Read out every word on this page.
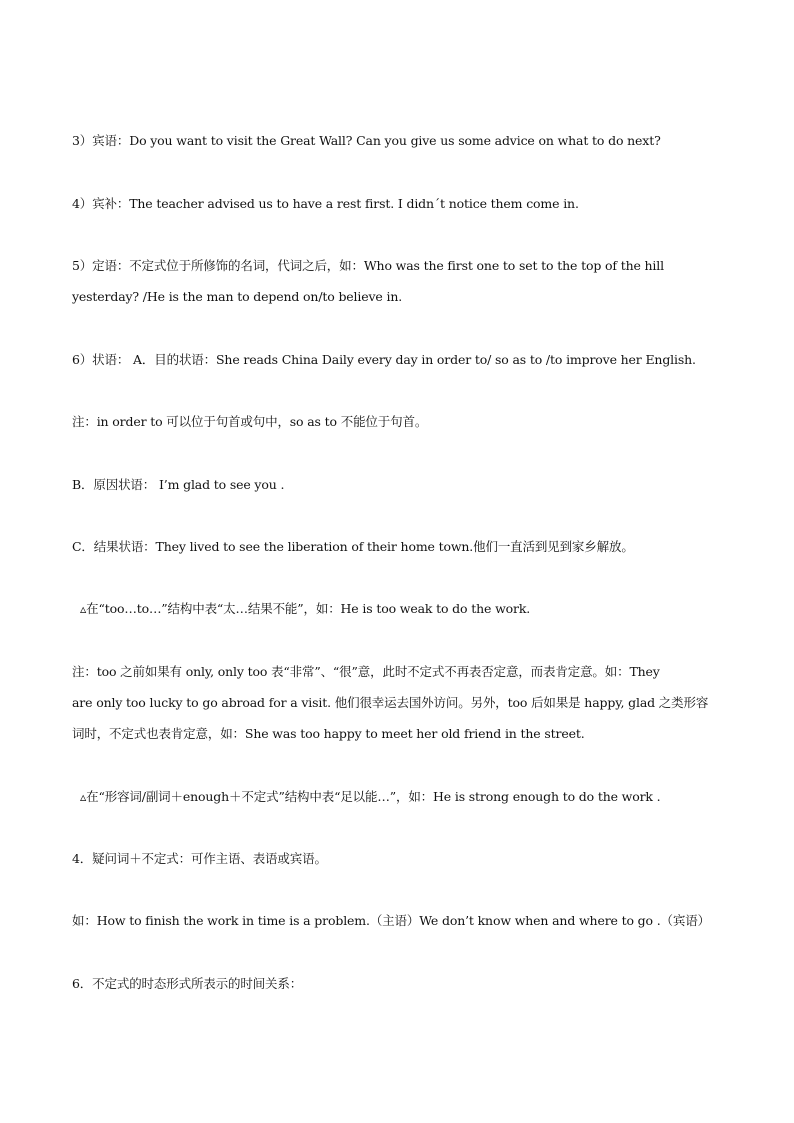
3）宾语：Do you want to visit the Great Wall? Can you give us some advice on what to do next?
4）宾补：The teacher advised us to have a rest first. I didn´t notice them come in.
5）定语：不定式位于所修饰的名词，代词之后，如：Who was the first one to set to the top of the hill
yesterday? /He is the man to depend on/to believe in.
6）状语： A．目的状语：She reads China Daily every day in order to/ so as to /to improve her English.
注：in order to 可以位于句首或句中，so as to 不能位于句首。
B．原因状语： I’m glad to see you .
C．结果状语：They lived to see the liberation of their home town.他们一直活到见到家乡解放。
▵在“too…to…”结构中表“太…结果不能”，如：He is too weak to do the work.
注：too 之前如果有 only, only too 表“非常”、“很”意，此时不定式不再表否定意，而表肯定意。如：They
are only too lucky to go abroad for a visit. 他们很幸运去国外访问。另外，too 后如果是 happy, glad 之类形容
词时，不定式也表肯定意，如：She was too happy to meet her old friend in the street.
▵在“形容词/副词＋enough＋不定式”结构中表“足以能…”，如：He is strong enough to do the work .
4．疑问词＋不定式：可作主语、表语或宾语。
如：How to finish the work in time is a problem.（主语）We don’t know when and where to go .（宾语）
6．不定式的时态形式所表示的时间关系：
